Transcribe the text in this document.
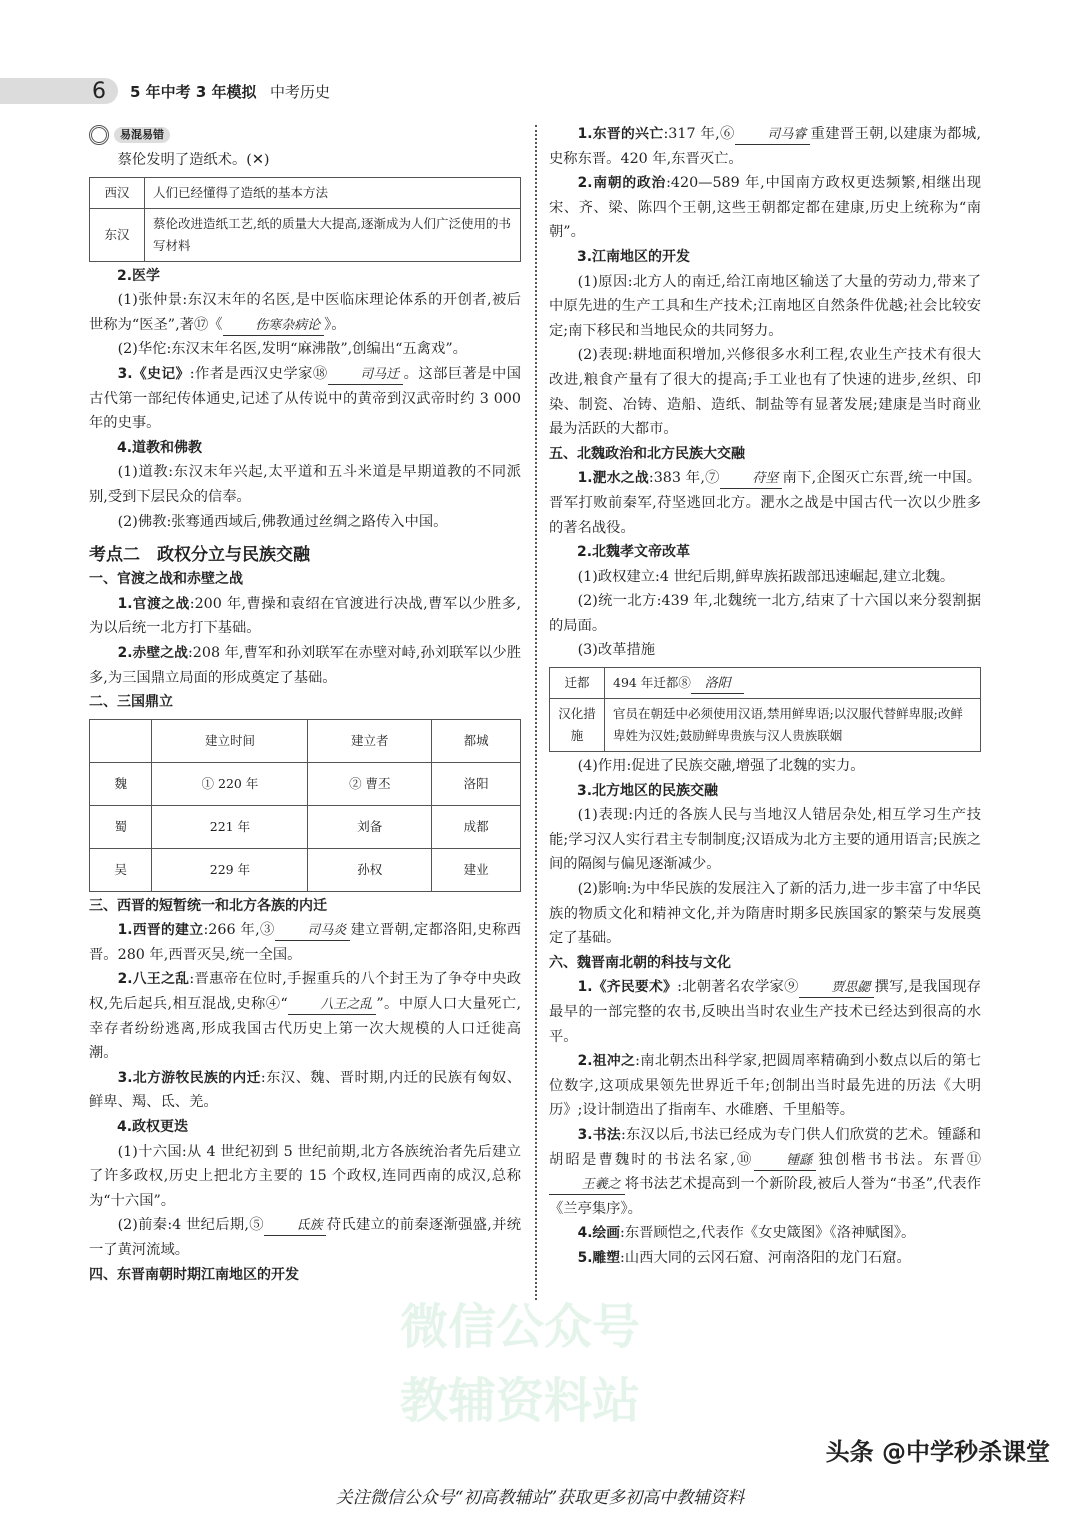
6 5 年中考 3 年模拟 中考历史
微信公众号
教辅资料站
易混易错

蔡伦发明了造纸术。(✕)

西汉	人们已经懂得了造纸的基本方法
东汉	蔡伦改进造纸工艺,纸的质量大大提高,逐渐成为人们广泛使用的书写材料
2.医学

(1)张仲景:东汉末年的名医,是中医临床理论体系的开创者,被后世称为“医圣”,著⑰《	伤寒杂病论 》。

(2)华佗:东汉末年名医,发明“麻沸散”,创编出“五禽戏”。

3.《史记》:作者是西汉史学家⑱	司马迁 。这部巨著是中国古代第一部纪传体通史,记述了从传说中的黄帝到汉武帝时约 3 000 年的史事。

4.道教和佛教

(1)道教:东汉末年兴起,太平道和五斗米道是早期道教的不同派别,受到下层民众的信奉。

(2)佛教:张骞通西域后,佛教通过丝绸之路传入中国。

考点二　政权分立与民族交融
一、官渡之战和赤壁之战

1.官渡之战:200 年,曹操和袁绍在官渡进行决战,曹军以少胜多,为以后统一北方打下基础。

2.赤壁之战:208 年,曹军和孙刘联军在赤壁对峙,孙刘联军以少胜多,为三国鼎立局面的形成奠定了基础。

二、三国鼎立
	建立时间	建立者	都城
魏	① 220 年	② 曹丕	洛阳
蜀	221 年	刘备	成都
吴	229 年	孙权	建业
三、西晋的短暂统一和北方各族的内迁

1.西晋的建立:266 年,③	司马炎 建立晋朝,定都洛阳,史称西晋。280 年,西晋灭吴,统一全国。

2.八王之乱:晋惠帝在位时,手握重兵的八个封王为了争夺中央政权,先后起兵,相互混战,史称④“	八王之乱 ”。中原人口大量死亡,幸存者纷纷逃离,形成我国古代历史上第一次大规模的人口迁徙高潮。

3.北方游牧民族的内迁:东汉、魏、晋时期,内迁的民族有匈奴、鲜卑、羯、氐、羌。

4.政权更迭

(1)十六国:从 4 世纪初到 5 世纪前期,北方各族统治者先后建立了许多政权,历史上把北方主要的 15 个政权,连同西南的成汉,总称为“十六国”。

(2)前秦:4 世纪后期,⑤	氐族 苻氏建立的前秦逐渐强盛,并统一了黄河流域。

四、东晋南朝时期江南地区的开发

1.东晋的兴亡:317 年,⑥	司马睿 重建晋王朝,以建康为都城,史称东晋。420 年,东晋灭亡。

2.南朝的政治:420—589 年,中国南方政权更迭频繁,相继出现宋、齐、梁、陈四个王朝,这些王朝都定都在建康,历史上统称为“南朝”。

3.江南地区的开发

(1)原因:北方人的南迁,给江南地区输送了大量的劳动力,带来了中原先进的生产工具和生产技术;江南地区自然条件优越;社会比较安定;南下移民和当地民众的共同努力。

(2)表现:耕地面积增加,兴修很多水利工程,农业生产技术有很大改进,粮食产量有了很大的提高;手工业也有了快速的进步,丝织、印染、制瓷、冶铸、造船、造纸、制盐等有显著发展;建康是当时商业最为活跃的大都市。

五、北魏政治和北方民族大交融

1.淝水之战:383 年,⑦	苻坚 南下,企图灭亡东晋,统一中国。晋军打败前秦军,苻坚逃回北方。淝水之战是中国古代一次以少胜多的著名战役。

2.北魏孝文帝改革

(1)政权建立:4 世纪后期,鲜卑族拓跋部迅速崛起,建立北魏。

(2)统一北方:439 年,北魏统一北方,结束了十六国以来分裂割据的局面。

(3)改革措施

迁都	494 年迁都⑧ 洛阳
汉化措施	官员在朝廷中必须使用汉语,禁用鲜卑语;以汉服代替鲜卑服;改鲜卑姓为汉姓;鼓励鲜卑贵族与汉人贵族联姻

(4)作用:促进了民族交融,增强了北魏的实力。

3.北方地区的民族交融

(1)表现:内迁的各族人民与当地汉人错居杂处,相互学习生产技能;学习汉人实行君主专制制度;汉语成为北方主要的通用语言;民族之间的隔阂与偏见逐渐减少。

(2)影响:为中华民族的发展注入了新的活力,进一步丰富了中华民族的物质文化和精神文化,并为隋唐时期多民族国家的繁荣与发展奠定了基础。

六、魏晋南北朝的科技与文化

1.《齐民要术》:北朝著名农学家⑨	贾思勰 撰写,是我国现存最早的一部完整的农书,反映出当时农业生产技术已经达到很高的水平。

2.祖冲之:南北朝杰出科学家,把圆周率精确到小数点以后的第七位数字,这项成果领先世界近千年;创制出当时最先进的历法《大明历》;设计制造出了指南车、水碓磨、千里船等。

3.书法:东汉以后,书法已经成为专门供人们欣赏的艺术。锺繇和胡昭是曹魏时的书法名家,⑩	锺繇 独创楷书书法。东晋⑪王羲之 将书法艺术提高到一个新阶段,被后人誉为“书圣”,代表作《兰亭集序》。

4.绘画:东晋顾恺之,代表作《女史箴图》《洛神赋图》。

5.雕塑:山西大同的云冈石窟、河南洛阳的龙门石窟。

头条 @中学秒杀课堂
关注微信公众号“初高教辅站”获取更多初高中教辅资料
